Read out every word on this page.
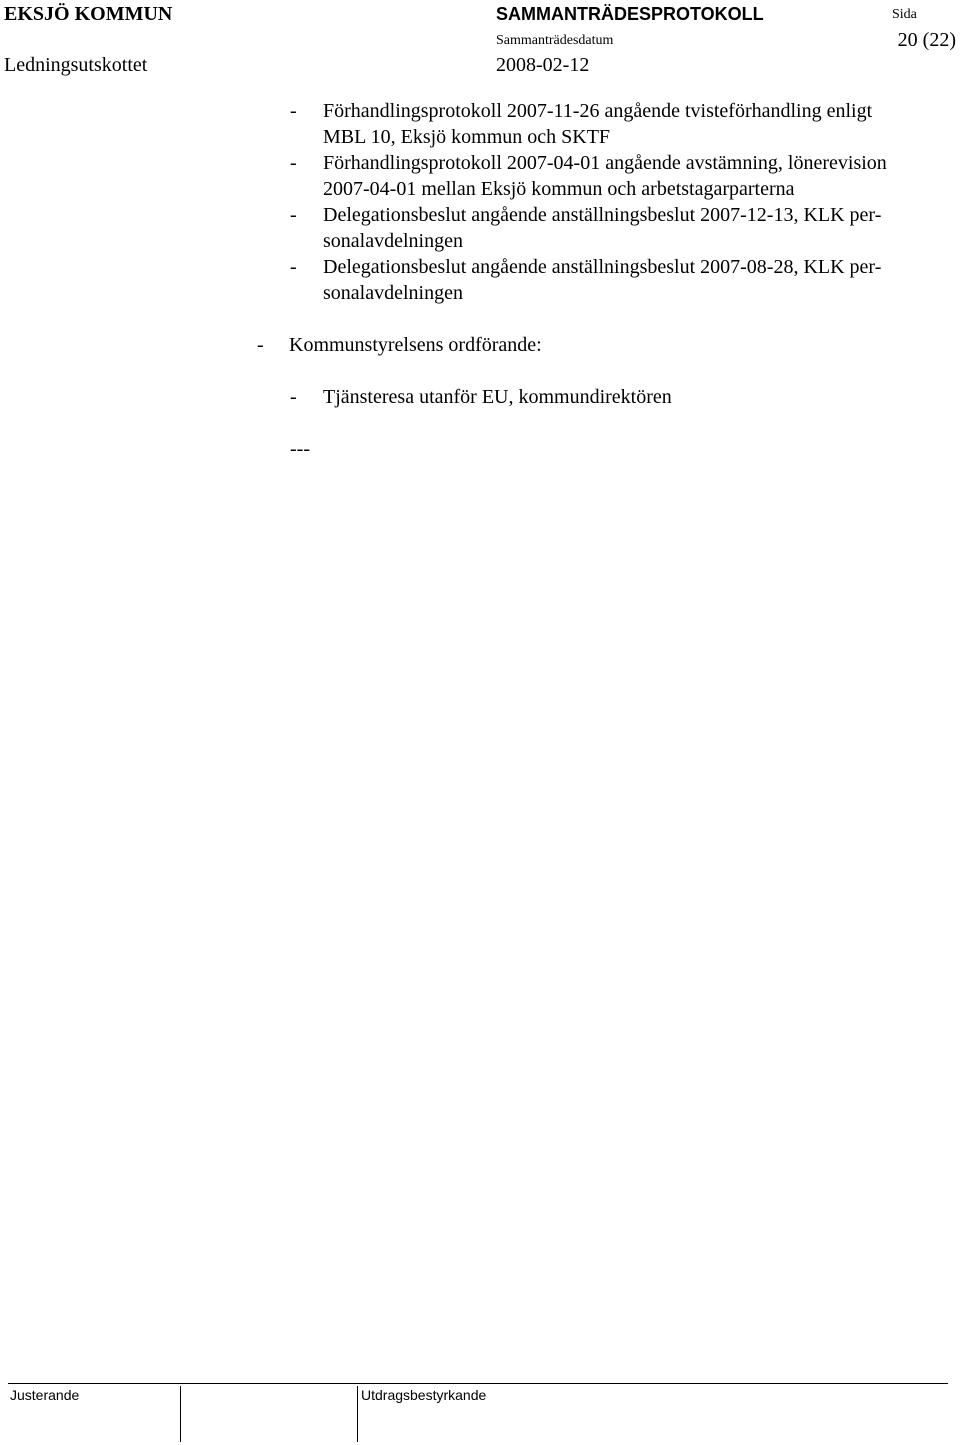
EKSJÖ KOMMUN	SAMMANTRÄDESPROTOKOLL	Sida
20 (22)
Sammanträdesdatum
Ledningsutskottet	2008-02-12
- Förhandlingsprotokoll 2007-11-26 angående tvisteförhandling enligt
MBL 10, Eksjö kommun och SKTF
- Förhandlingsprotokoll 2007-04-01 angående avstämning, lönerevision
2007-04-01 mellan Eksjö kommun och arbetstagarparterna
- Delegationsbeslut angående anställningsbeslut 2007-12-13, KLK per-
sonalavdelningen
- Delegationsbeslut angående anställningsbeslut 2007-08-28, KLK per-
sonalavdelningen
- Kommunstyrelsens ordförande:
- Tjänsteresa utanför EU, kommundirektören
---
Justerande	Utdragsbestyrkande
